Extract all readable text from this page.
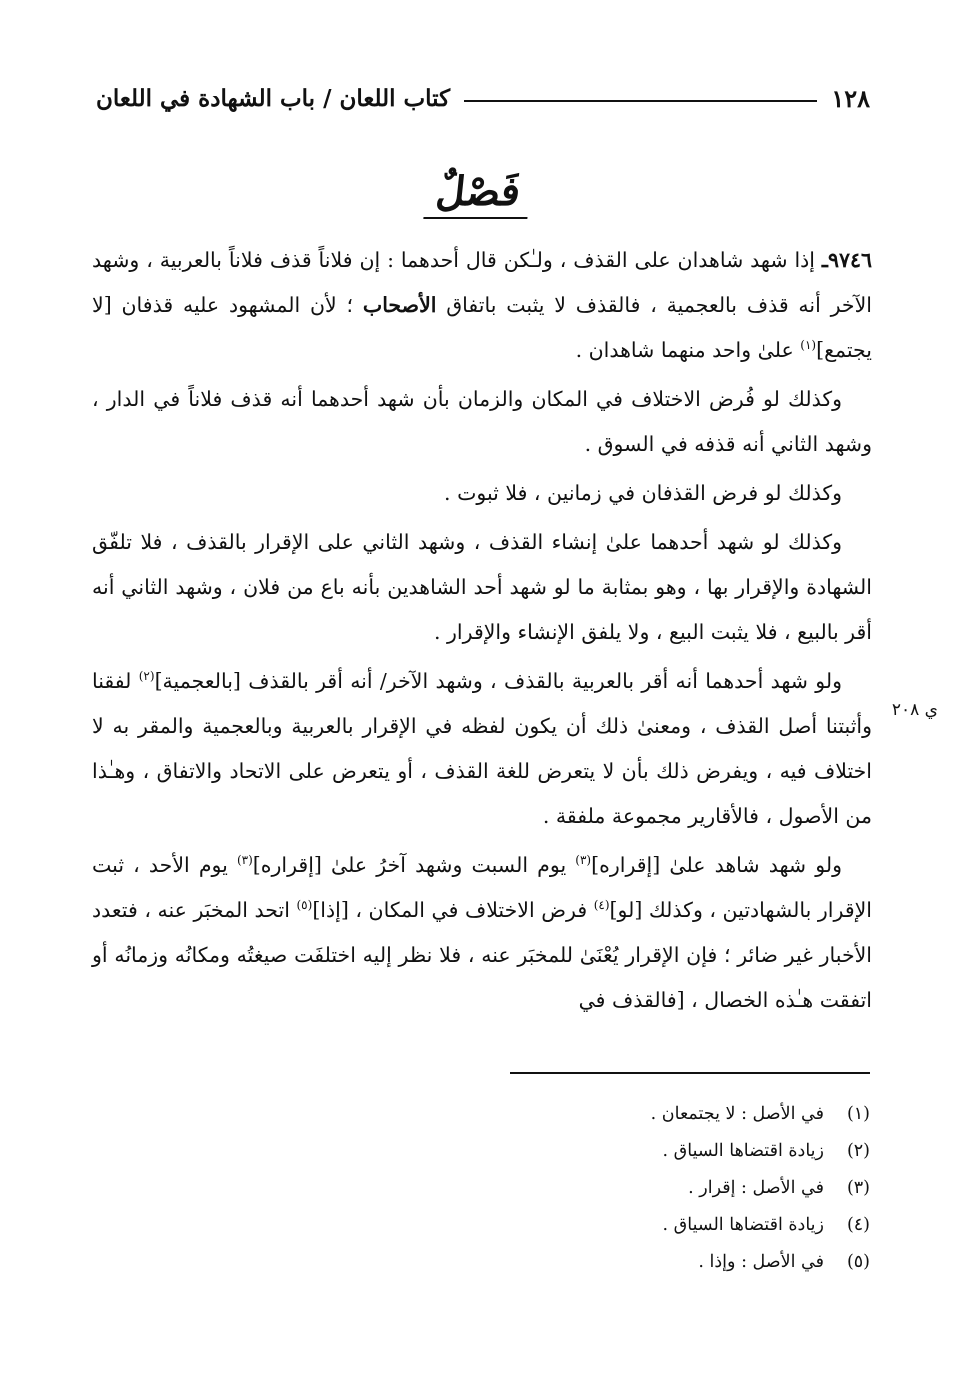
١٢٨
كتاب اللعان / باب الشهادة في اللعان
فَصْلٌ
ي ٢٠٨

٩٧٤٦ـ إذا شهد شاهدان على القذف ، ولـٰكن قال أحدهما : إن فلاناً قذف فلاناً بالعربية ، وشهد الآخر أنه قذف بالعجمية ، فالقذف لا يثبت باتفاق الأصحاب ؛ لأن المشهود عليه قذفان [لا يجتمع]$^{(١)}$ علىٰ واحد منهما شاهدان .

وكذلك لو فُرض الاختلاف في المكان والزمان بأن شهد أحدهما أنه قذف فلاناً في الدار ، وشهد الثاني أنه قذفه في السوق .

وكذلك لو فرض القذفان في زمانين ، فلا ثبوت .

وكذلك لو شهد أحدهما علىٰ إنشاء القذف ، وشهد الثاني على الإقرار بالقذف ، فلا تلفّق الشهادة والإقرار بها ، وهو بمثابة ما لو شهد أحد الشاهدين بأنه باع من فلان ، وشهد الثاني أنه أقر بالبيع ، فلا يثبت البيع ، ولا يلفق الإنشاء والإقرار .

ولو شهد أحدهما أنه أقر بالعربية بالقذف ، وشهد الآخر/ أنه أقر بالقذف [بالعجمية]$^{(٢)}$ لفقنا وأثبتنا أصل القذف ، ومعنىٰ ذلك أن يكون لفظه في الإقرار بالعربية وبالعجمية والمقر به لا اختلاف فيه ، ويفرض ذلك بأن لا يتعرض للغة القذف ، أو يتعرض على الاتحاد والاتفاق ، وهـٰذا من الأصول ، فالأقارير مجموعة ملفقة .

ولو شهد شاهد علىٰ [إقراره]$^{(٣)}$ يوم السبت وشهد آخرُ علىٰ [إقراره]$^{(٣)}$ يوم الأحد ، ثبت الإقرار بالشهادتين ، وكذلك [لو]$^{(٤)}$ فرض الاختلاف في المكان ، [إذا]$^{(٥)}$ اتحد المخبَر عنه ، فتعدد الأخبار غير ضائر ؛ فإن الإقرار يُعْنَىٰ للمخبَر عنه ، فلا نظر إليه اختلفَت صيغتُه ومكانُه وزمانُه أو اتفقت هـٰذه الخصال ، [فالقذف في

(١)
في الأصل : لا يجتمعان .
(٢)
زيادة اقتضاها السياق .
(٣)
في الأصل : إقرار .
(٤)
زيادة اقتضاها السياق .
(٥)
في الأصل : وإذا .
